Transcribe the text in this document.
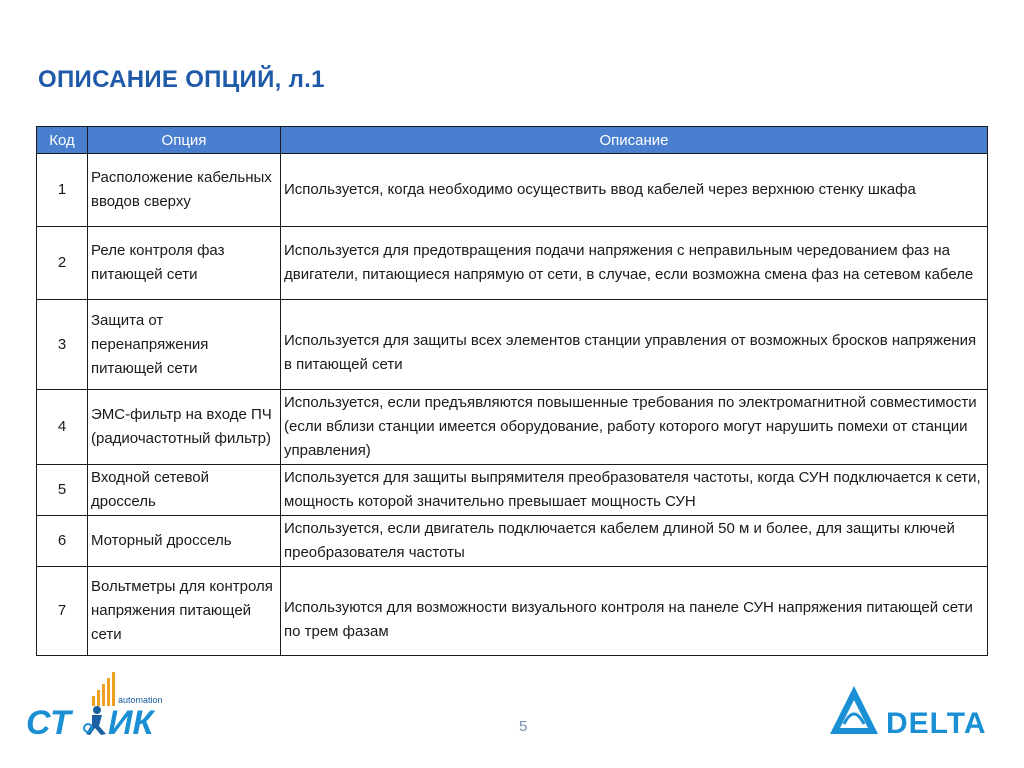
ОПИСАНИЕ ОПЦИЙ, л.1
Код	Опция	Описание
1	Расположение кабельных вводов сверху	Используется, когда необходимо осуществить ввод кабелей через верхнюю стенку шкафа
2	Реле контроля фаз питающей сети	Используется для предотвращения подачи напряжения с неправильным чередованием фаз на двигатели, питающиеся напрямую от сети, в случае, если возможна смена фаз на сетевом кабеле
3	Защита от перенапряжения питающей сети	Используется для защиты всех элементов станции управления от возможных бросков напряжения в питающей сети
4	ЭМС-фильтр на входе ПЧ (радиочастотный фильтр)	Используется, если предъявляются повышенные требования по электромагнитной совместимости (если вблизи станции имеется оборудование, работу которого могут нарушить помехи от станции управления)
5	Входной сетевой дроссель	Используется для защиты выпрямителя преобразователя частоты, когда СУН подключается к сети, мощность которой значительно превышает мощность СУН
6	Моторный дроссель	Используется, если двигатель подключается кабелем длиной 50 м и более, для защиты ключей преобразователя частоты
7	Вольтметры для контроля напряжения питающей сети	Используются для возможности визуального контроля на панеле СУН напряжения питающей сети по трем фазам
automation
С Т ИК	5	DELTA
